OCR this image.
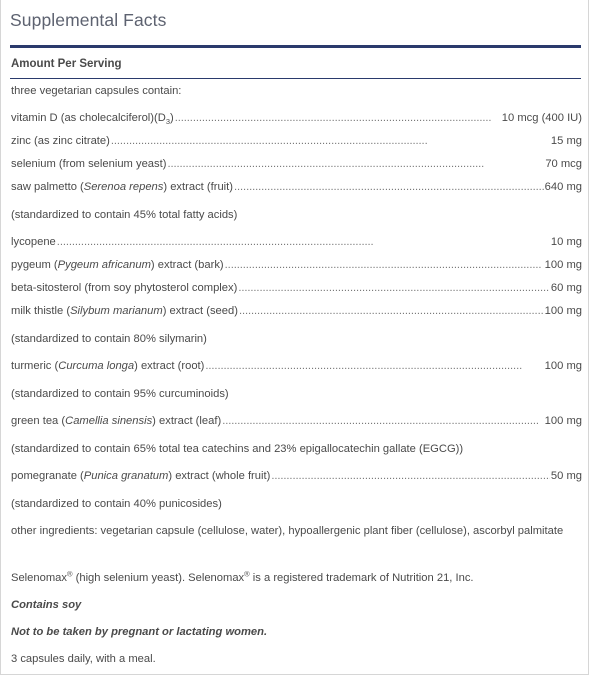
Supplemental Facts
Amount Per Serving
three vegetarian capsules contain:
vitamin D (as $cholecalciferol)(D_3)$ . . .	10 mcg (400 IU)
zinc (as zinc citrate) . . .	15 mg
selenium (from selenium yeast) . . .	70 mcg
saw palmetto (Serenoa repens) extract (fruit) . . .	640 mg
(standardized to contain 45% total fatty acids)
lycopene . . .	10 mg
pygeum (Pygeum africanum) extract (bark) . . .	100 mg
beta-sitosterol (from soy phytosterol complex) . . .	60 mg
milk thistle (Silybum marianum) extract (seed) . . .	100 mg
(standardized to contain 80% silymarin)
turmeric (Curcuma longa) extract (root) . . .	100 mg
(standardized to contain 95% curcuminoids)
green tea (Camellia sinensis) extract (leaf) . . .	100 mg
(standardized to contain 65% total tea catechins and 23% epigallocatechin gallate (EGCG))
pomegranate (Punica granatum) extract (whole fruit) . . .	50 mg
(standardized to contain 40% punicosides)
other ingredients: vegetarian capsule (cellulose, water), hypoallergenic plant fiber (cellulose), ascorbyl palmitate
Selenomax® (high selenium yeast). Selenomax® is a registered trademark of Nutrition 21, Inc.
Contains soy
Not to be taken by pregnant or lactating women.
3 capsules daily, with a meal.
